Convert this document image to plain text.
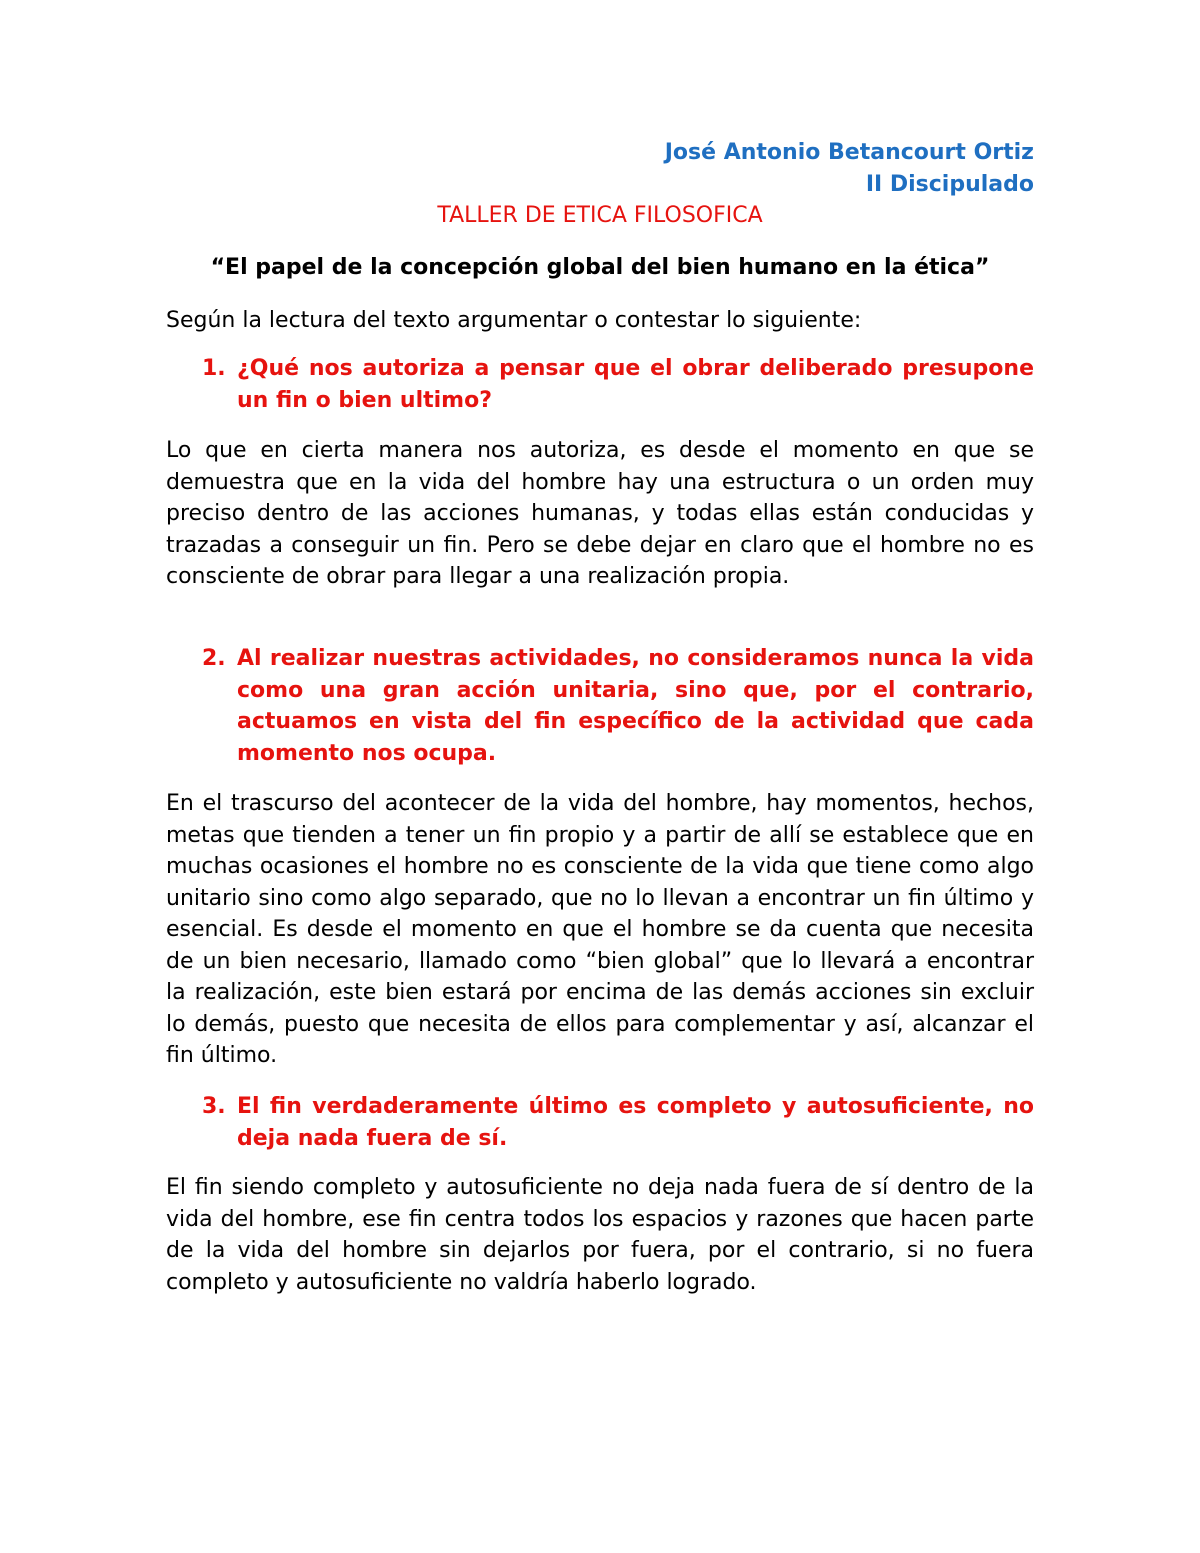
José Antonio Betancourt Ortiz
II Discipulado
TALLER DE ETICA FILOSOFICA
“El papel de la concepción global del bien humano en la ética”
Según la lectura del texto argumentar o contestar lo siguiente:
1. ¿Qué nos autoriza a pensar que el obrar deliberado presupone un fin o bien ultimo?
Lo que en cierta manera nos autoriza, es desde el momento en que se demuestra que en la vida del hombre hay una estructura o un orden muy preciso dentro de las acciones humanas, y todas ellas están conducidas y trazadas a conseguir un fin. Pero se debe dejar en claro que el hombre no es consciente de obrar para llegar a una realización propia.
2. Al realizar nuestras actividades, no consideramos nunca la vida como una gran acción unitaria, sino que, por el contrario, actuamos en vista del fin específico de la actividad que cada momento nos ocupa.
En el trascurso del acontecer de la vida del hombre, hay momentos, hechos, metas que tienden a tener un fin propio y a partir de allí se establece que en muchas ocasiones el hombre no es consciente de la vida que tiene como algo unitario sino como algo separado, que no lo llevan a encontrar un fin último y esencial. Es desde el momento en que el hombre se da cuenta que necesita de un bien necesario, llamado como “bien global” que lo llevará a encontrar la realización, este bien estará por encima de las demás acciones sin excluir lo demás, puesto que necesita de ellos para complementar y así, alcanzar el fin último.
3. El fin verdaderamente último es completo y autosuficiente, no deja nada fuera de sí.
El fin siendo completo y autosuficiente no deja nada fuera de sí dentro de la vida del hombre, ese fin centra todos los espacios y razones que hacen parte de la vida del hombre sin dejarlos por fuera, por el contrario, si no fuera completo y autosuficiente no valdría haberlo logrado.
